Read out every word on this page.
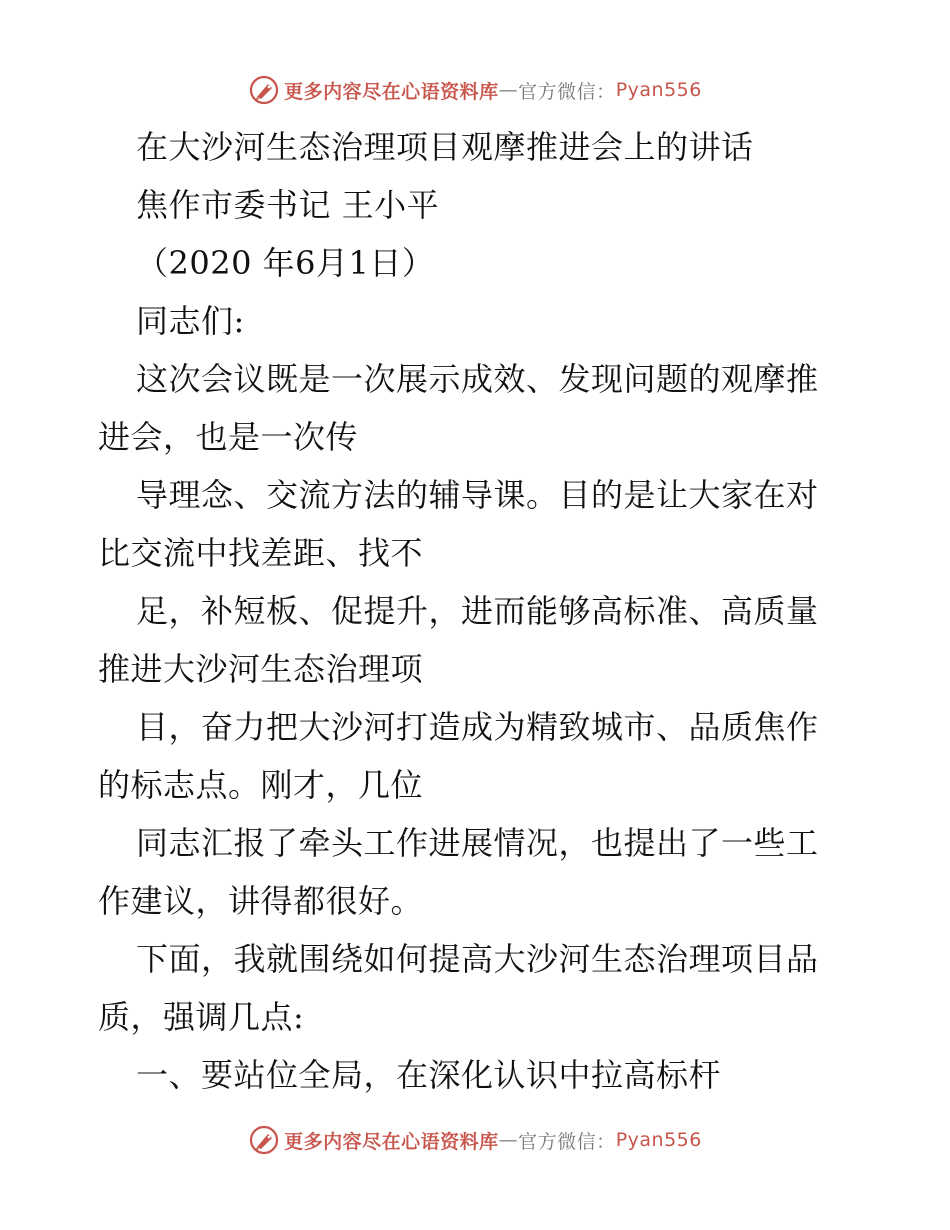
更多内容尽在心语资料库 — 官方微信： Pyan556
在大沙河生态治理项目观摩推进会上的讲话
焦作市委书记 王小平
（2020 年6月1日）
同志们:
这次会议既是一次展示成效、发现问题的观摩推
进会，也是一次传
导理念、交流方法的辅导课。目的是让大家在对
比交流中找差距、找不
足，补短板、促提升，进而能够高标准、高质量
推进大沙河生态治理项
目，奋力把大沙河打造成为精致城市、品质焦作
的标志点。刚才，几位
同志汇报了牵头工作进展情况，也提出了一些工
作建议，讲得都很好。
下面，我就围绕如何提高大沙河生态治理项目品
质，强调几点:
一、要站位全局，在深化认识中拉高标杆
更多内容尽在心语资料库 — 官方微信： Pyan556
